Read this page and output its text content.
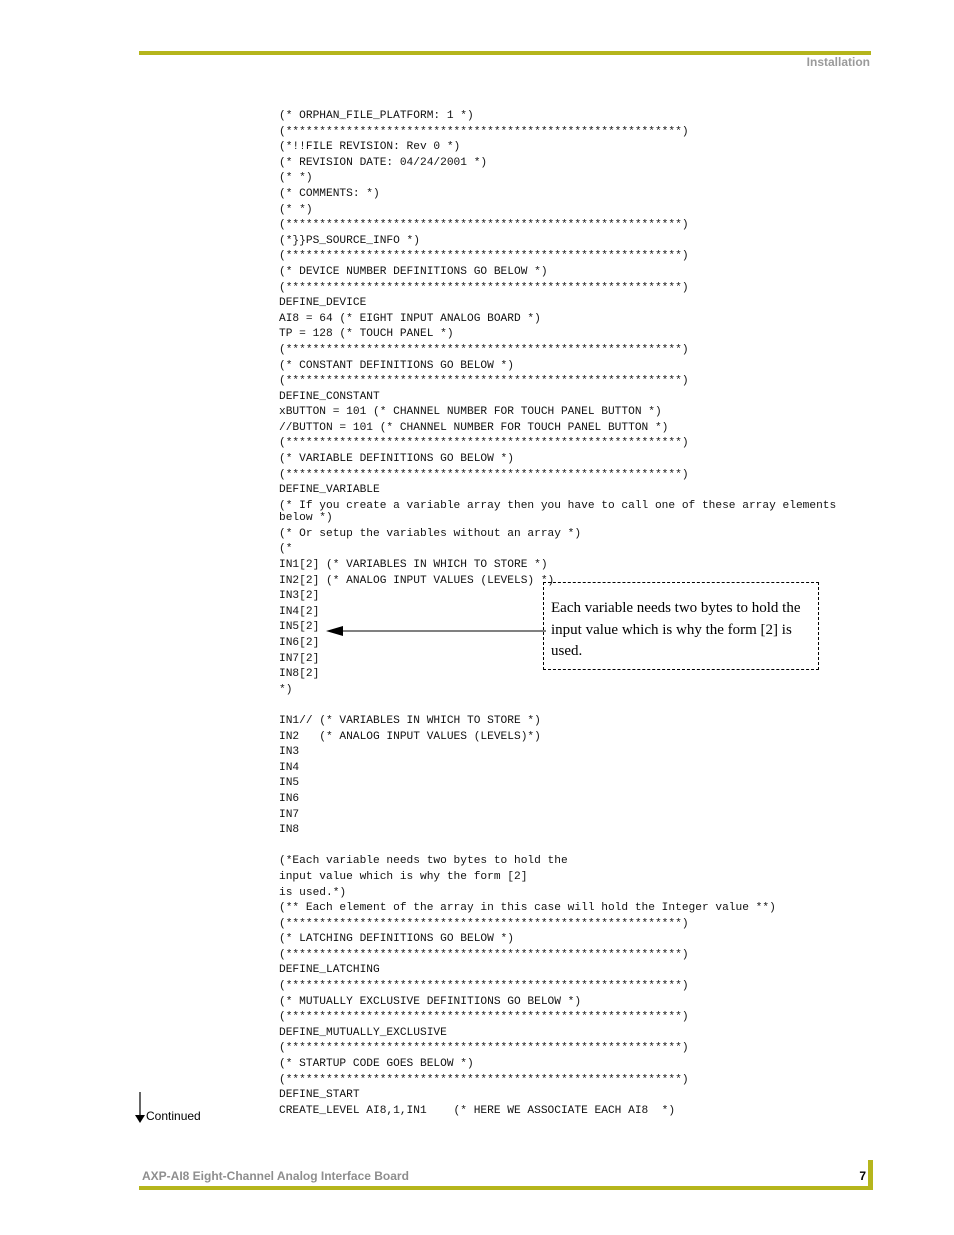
Installation
(* ORPHAN_FILE_PLATFORM: 1 *)
(***********************************************************)
(*!!FILE REVISION: Rev 0 *)
(* REVISION DATE: 04/24/2001 *)
(* *)
(* COMMENTS: *)
(* *)
(***********************************************************)
(*}}PS_SOURCE_INFO *)
(***********************************************************)
(* DEVICE NUMBER DEFINITIONS GO BELOW *)
(***********************************************************)
DEFINE_DEVICE
AI8 = 64 (* EIGHT INPUT ANALOG BOARD *)
TP = 128 (* TOUCH PANEL *)
(***********************************************************)
(* CONSTANT DEFINITIONS GO BELOW *)
(***********************************************************)
DEFINE_CONSTANT
xBUTTON = 101 (* CHANNEL NUMBER FOR TOUCH PANEL BUTTON *)
//BUTTON = 101 (* CHANNEL NUMBER FOR TOUCH PANEL BUTTON *)
(***********************************************************)
(* VARIABLE DEFINITIONS GO BELOW *)
(***********************************************************)
DEFINE_VARIABLE
(* If you create a variable array then you have to call one of these array elements below *)
(* Or setup the variables without an array *)
(*
IN1[2] (* VARIABLES IN WHICH TO STORE *)
IN2[2] (* ANALOG INPUT VALUES (LEVELS) *)
IN3[2]
IN4[2]
IN5[2]
IN6[2]
IN7[2]
IN8[2]
*)
IN1// (* VARIABLES IN WHICH TO STORE *)
IN2   (* ANALOG INPUT VALUES (LEVELS)*)
IN3
IN4
IN5
IN6
IN7
IN8
(*Each variable needs two bytes to hold the
input value which is why the form [2]
is used.*)
(** Each element of the array in this case will hold the Integer value **)
(***********************************************************)
(* LATCHING DEFINITIONS GO BELOW *)
(***********************************************************)
DEFINE_LATCHING
(***********************************************************)
(* MUTUALLY EXCLUSIVE DEFINITIONS GO BELOW *)
(***********************************************************)
DEFINE_MUTUALLY_EXCLUSIVE
(***********************************************************)
(* STARTUP CODE GOES BELOW *)
(***********************************************************)
DEFINE_START
CREATE_LEVEL AI8,1,IN1    (* HERE WE ASSOCIATE EACH AI8  *)
Each variable needs two bytes to hold the input value which is why the form [2] is used.
Continued
AXP-AI8 Eight-Channel Analog Interface Board	7
